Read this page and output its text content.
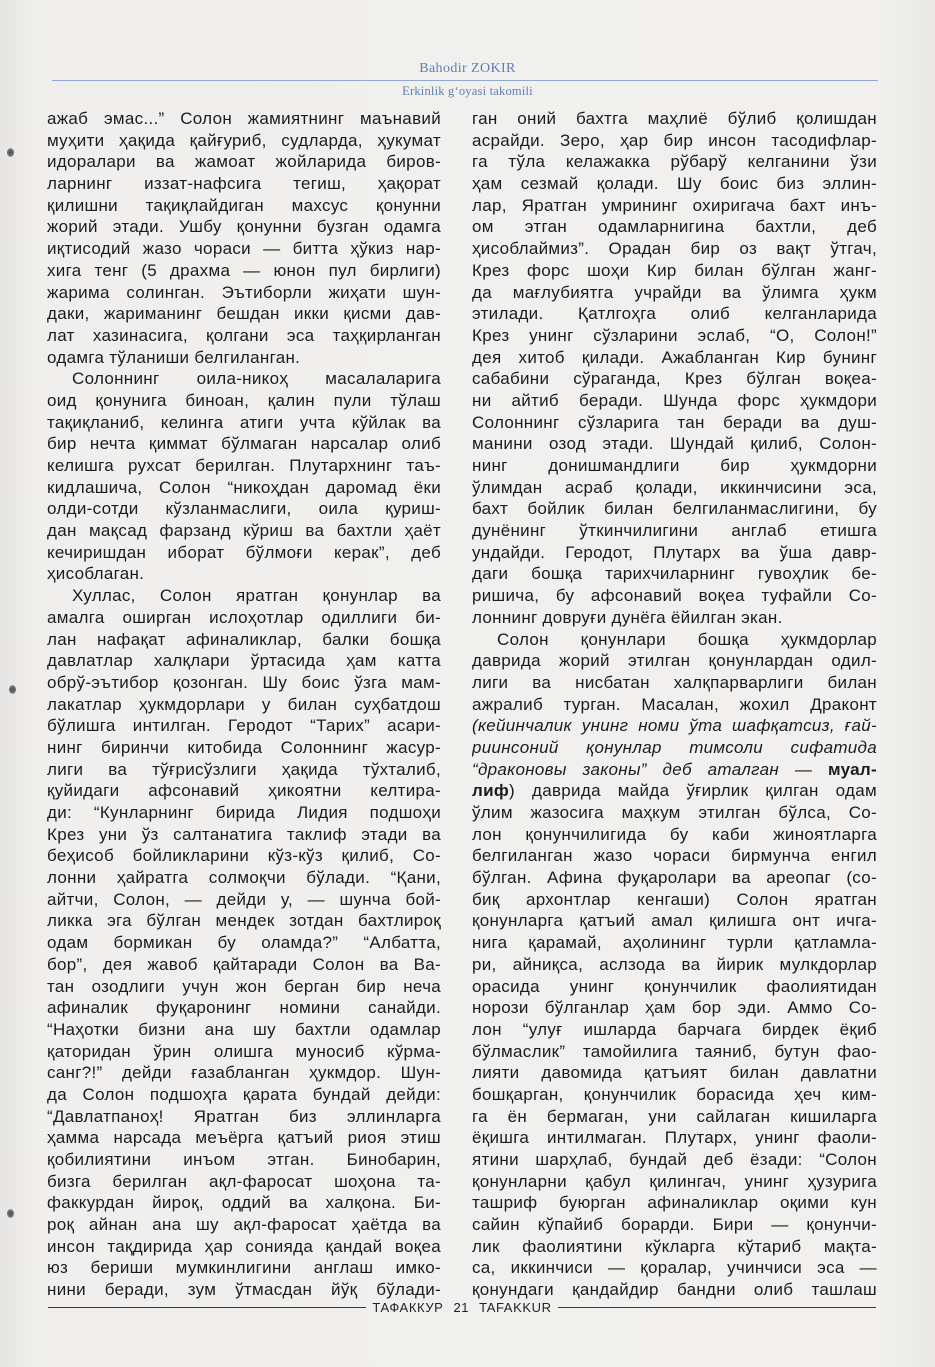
Bahodir ZOKIR
Erkinlik g‘oyasi takomili
ажаб эмас...” Солон жамиятнинг маънавий
муҳити ҳақида қайғуриб, судларда, ҳукумат
идоралари ва жамоат жойларида биров-
ларнинг иззат-нафсига тегиш, ҳақорат
қилишни тақиқлайдиган махсус қонунни
жорий этади. Ушбу қонунни бузган одамга
иқтисодий жазо чораси — битта ҳўкиз нар-
хига тенг (5 драхма — юнон пул бирлиги)
жарима солинган. Эътиборли жиҳати шун-
даки, жариманинг бешдан икки қисми дав-
лат хазинасига, қолгани эса таҳқирланган
одамга тўланиши белгиланган.
Солоннинг оила-никоҳ масалаларига
оид қонунига биноан, қалин пули тўлаш
тақиқланиб, келинга атиги учта кўйлак ва
бир нечта қиммат бўлмаган нарсалар олиб
келишга рухсат берилган. Плутархнинг таъ-
кидлашича, Солон “никоҳдан даромад ёки
олди-сотди кўзланмаслиги, оила қуриш-
дан мақсад фарзанд кўриш ва бахтли ҳаёт
кечиришдан иборат бўлмоғи керак”, деб
ҳисоблаган.
Хуллас, Солон яратган қонунлар ва
амалга оширган ислоҳотлар одиллиги би-
лан нафақат афиналиклар, балки бошқа
давлатлар халқлари ўртасида ҳам катта
обрў-эътибор қозонган. Шу боис ўзга мам-
лакатлар ҳукмдорлари у билан суҳбатдош
бўлишга интилган. Геродот “Тарих” асари-
нинг биринчи китобида Солоннинг жасур-
лиги ва тўғрисўзлиги ҳақида тўхталиб,
қуйидаги афсонавий ҳикоятни келтира-
ди: “Кунларнинг бирида Лидия подшоҳи
Крез уни ўз салтанатига таклиф этади ва
беҳисоб бойликларини кўз-кўз қилиб, Со-
лонни ҳайратга солмоқчи бўлади. “Қани,
айтчи, Солон, — дейди у, — шунча бой-
ликка эга бўлган мендек зотдан бахтлироқ
одам бормикан бу оламда?” “Албатта,
бор”, дея жавоб қайтаради Солон ва Ва-
тан озодлиги учун жон берган бир неча
афиналик фуқаронинг номини санайди.
“Наҳотки бизни ана шу бахтли одамлар
қаторидан ўрин олишга муносиб кўрма-
санг?!” дейди ғазабланган ҳукмдор. Шун-
да Солон подшоҳга қарата бундай дейди:
“Давлатпаноҳ! Яратган биз эллинларга
ҳамма нарсада меъёрга қатъий риоя этиш
қобилиятини инъом этган. Бинобарин,
бизга берилган ақл-фаросат шоҳона та-
факкурдан йироқ, оддий ва халқона. Би-
роқ айнан ана шу ақл-фаросат ҳаётда ва
инсон тақдирида ҳар сонияда қандай воқеа
юз бериши мумкинлигини англаш имко-
нини беради, зум ўтмасдан йўқ бўлади-
ган оний бахтга маҳлиё бўлиб қолишдан
асрайди. Зеро, ҳар бир инсон тасодифлар-
га тўла келажакка рўбарў келганини ўзи
ҳам сезмай қолади. Шу боис биз эллин-
лар, Яратган умрининг охиригача бахт инъ-
ом этган одамларнигина бахтли, деб
ҳисоблаймиз”. Орадан бир оз вақт ўтгач,
Крез форс шоҳи Кир билан бўлган жанг-
да мағлубиятга учрайди ва ўлимга ҳукм
этилади. Қатлгоҳга олиб келганларида
Крез унинг сўзларини эслаб, “О, Солон!”
дея хитоб қилади. Ажабланган Кир бунинг
сабабини сўраганда, Крез бўлган воқеа-
ни айтиб беради. Шунда форс ҳукмдори
Солоннинг сўзларига тан беради ва душ-
манини озод этади. Шундай қилиб, Солон-
нинг донишмандлиги бир ҳукмдорни
ўлимдан асраб қолади, иккинчисини эса,
бахт бойлик билан белгиланмаслигини, бу
дунёнинг ўткинчилигини англаб етишга
ундайди. Геродот, Плутарх ва ўша давр-
даги бошқа тарихчиларнинг гувоҳлик бе-
ришича, бу афсонавий воқеа туфайли Со-
лоннинг довруғи дунёга ёйилган экан.
Солон қонунлари бошқа ҳукмдорлар
даврида жорий этилган қонунлардан одил-
лиги ва нисбатан халқпарварлиги билан
ажралиб турган. Масалан, жохил Драконт
(кейинчалик унинг номи ўта шафқатсиз, ғай-
риинсоний қонунлар тимсоли сифатида
“драконовы законы” деб аталган — муал-
лиф) даврида майда ўғирлик қилган одам
ўлим жазосига маҳкум этилган бўлса, Со-
лон қонунчилигида бу каби жиноятларга
белгиланган жазо чораси бирмунча енгил
бўлган. Афина фуқаролари ва ареопаг (со-
биқ архонтлар кенгаши) Солон яратган
қонунларга қатъий амал қилишга онт ичга-
нига қарамай, аҳолининг турли қатламла-
ри, айниқса, аслзода ва йирик мулкдорлар
орасида унинг қонунчилик фаолиятидан
норози бўлганлар ҳам бор эди. Аммо Со-
лон “улуғ ишларда барчага бирдек ёқиб
бўлмаслик” тамойилига таяниб, бутун фао-
лияти давомида қатъият билан давлатни
бошқарган, қонунчилик борасида ҳеч ким-
га ён бермаган, уни сайлаган кишиларга
ёқишга интилмаган. Плутарх, унинг фаоли-
ятини шарҳлаб, бундай деб ёзади: “Солон
қонунларни қабул қилингач, унинг ҳузурига
ташриф буюрган афиналиклар оқими кун
сайин кўпайиб борарди. Бири — қонунчи-
лик фаолиятини кўкларга кўтариб мақта-
са, иккинчиси — қоралар, учинчиси эса —
қонундаги қандайдир бандни олиб ташлаш
ТАФАККУР 21 TAFAKKUR
